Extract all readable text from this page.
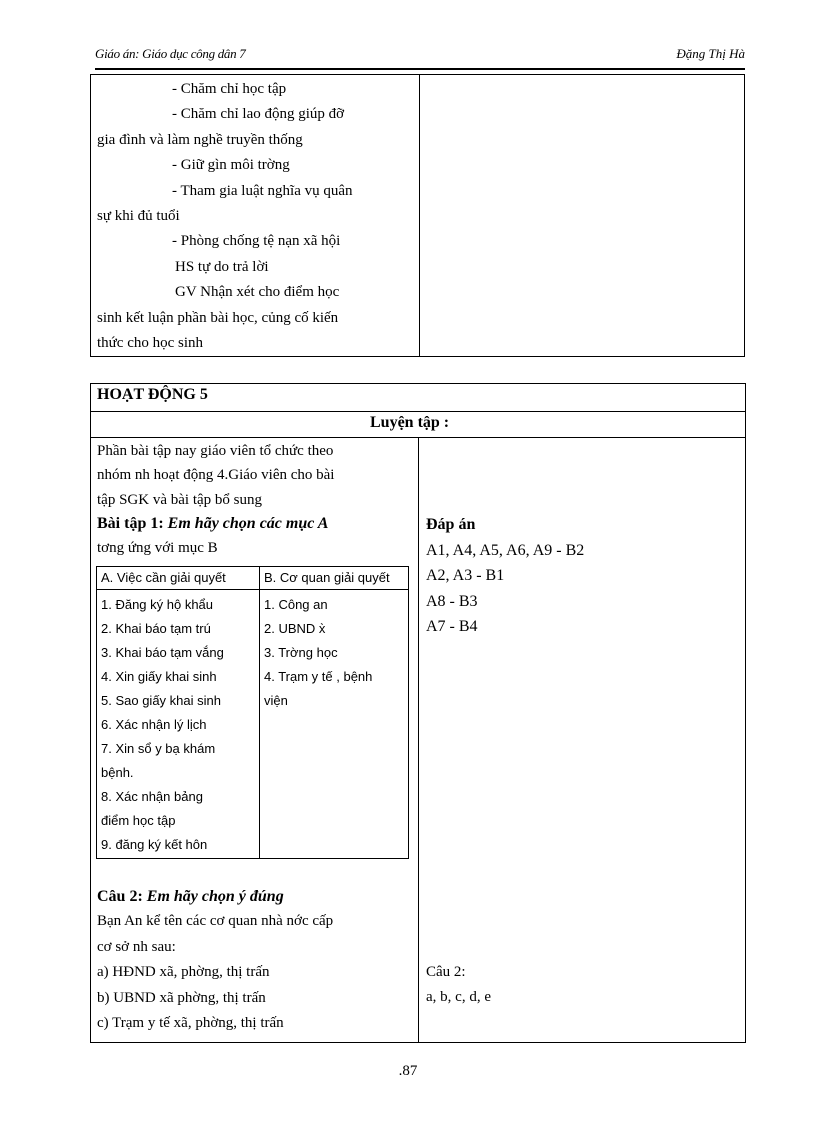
Giáo án: Giáo dục công dân 7	Đặng Thị Hà
- Chăm chỉ học tập
- Chăm chỉ lao động giúp đỡ
gia đình và làm nghề truyền thống
- Giữ gìn môi trờng
- Tham gia luật nghĩa vụ quân
sự khi đủ tuổi
- Phòng chống tệ nạn xã hội
HS tự do trả lời
GV Nhận xét cho điểm học
sinh kết luận phần bài học, củng cố kiến
thức cho học sinh
HOẠT ĐỘNG 5
Luyện tập :
Phần bài tập nay giáo viên tổ chức theo
nhóm nh hoạt động 4.Giáo viên cho bài
tập SGK và bài tập bổ sung
Bài tập 1: Em hãy chọn các mục A
tơng ứng với mục B
A. Việc cần giải quyết	B. Cơ quan giải quyết
1. Đăng ký hộ khẩu
2. Khai báo tạm trú
3. Khai báo tạm vắng
4. Xin giấy khai sinh
5. Sao giấy khai sinh
6. Xác nhận lý lịch
7. Xin sổ y bạ khám
bệnh.
8. Xác nhận bảng
điểm học tập
9. đăng ký kết hôn
1. Công an
2. UBND x̀
3. Trờng học
4. Trạm y tế , bệnh
viện
Đáp án
A1, A4, A5, A6, A9 - B2
A2, A3 - B1
A8 - B3
A7 - B4
Câu 2: Em hãy chọn ý đúng
Bạn An kể tên các cơ quan nhà nớc cấp
cơ sở nh sau:
a) HĐND xã, phờng, thị trấn
b) UBND xã phờng, thị trấn
c) Trạm y tế xã, phờng, thị trấn
Câu 2:
a, b, c, d, e
.87
